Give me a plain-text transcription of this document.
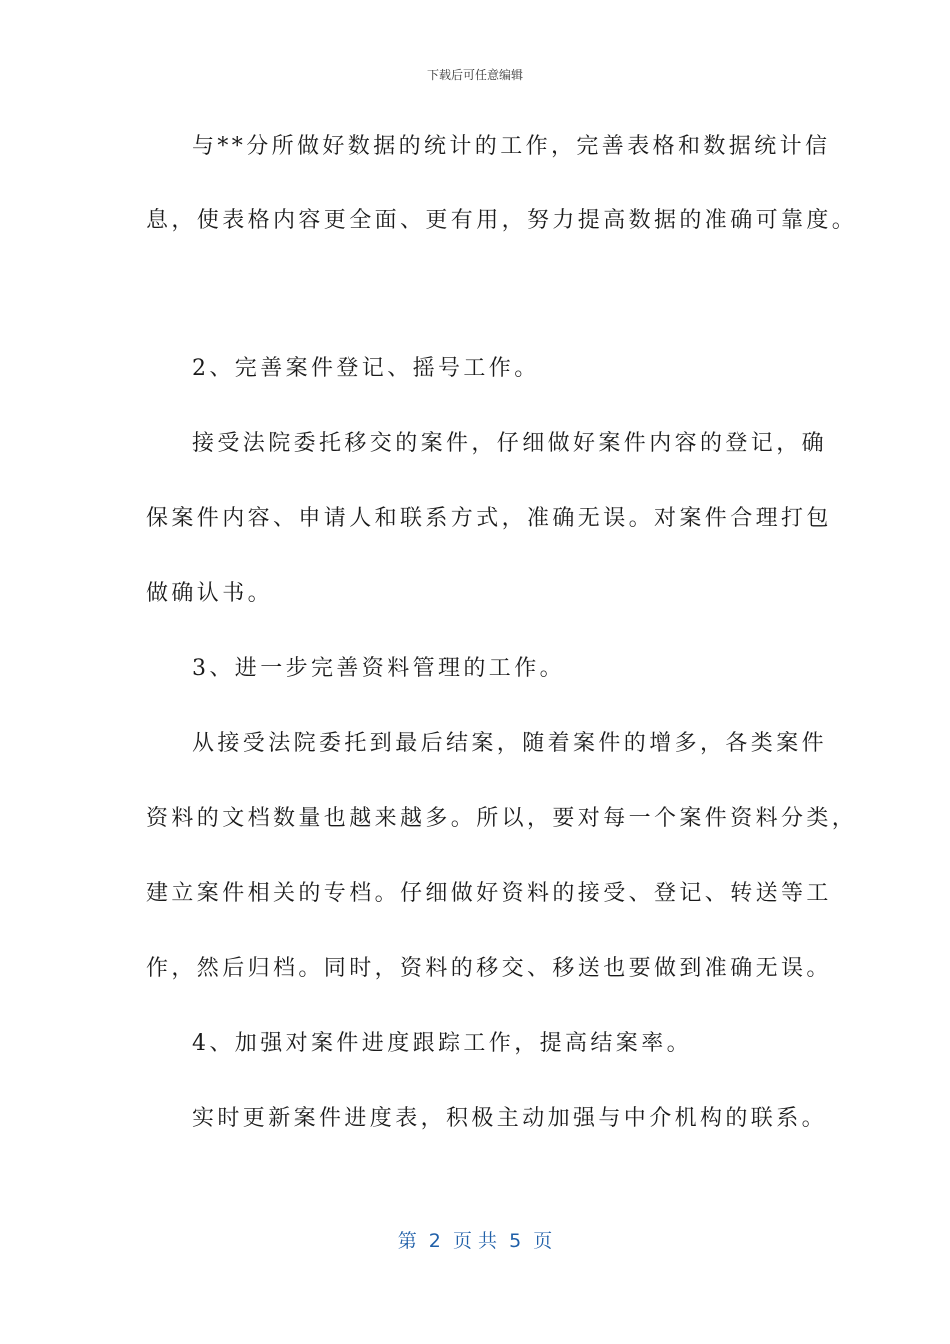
下载后可任意编辑
与**分所做好数据的统计的工作，完善表格和数据统计信
息，使表格内容更全面、更有用，努力提高数据的准确可靠度。
2、完善案件登记、摇号工作。
接受法院委托移交的案件，仔细做好案件内容的登记，确
保案件内容、申请人和联系方式，准确无误。对案件合理打包
做确认书。
3、进一步完善资料管理的工作。
从接受法院委托到最后结案，随着案件的增多，各类案件
资料的文档数量也越来越多。所以，要对每一个案件资料分类，
建立案件相关的专档。仔细做好资料的接受、登记、转送等工
作，然后归档。同时，资料的移交、移送也要做到准确无误。
4、加强对案件进度跟踪工作，提高结案率。
实时更新案件进度表，积极主动加强与中介机构的联系。
第  2  页 共  5  页
